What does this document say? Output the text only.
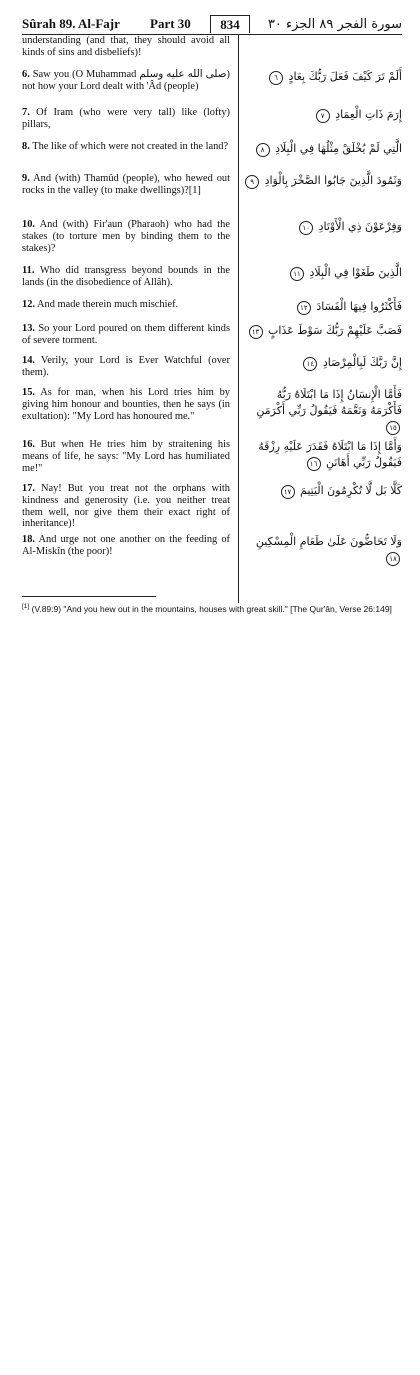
Sûrah 89. Al-Fajr	Part 30	834	سورة الفجر ٨٩ الجزء ٣٠
understanding (and that, they should avoid all kinds of sins and disbeliefs)!
6. Saw you (O Muhammad صلى الله عليه وسلم) not how your Lord dealt with 'Âd (people)
أَلَمْ تَرَ كَيْفَ فَعَلَ رَبُّكَ بِعَادٍ ٦
7. Of Iram (who were very tall) like (lofty) pillars,
إِرَمَ ذَاتِ الْعِمَادِ ٧
8. The like of which were not created in the land?	الَّتِي لَمْ يُخْلَقْ مِثْلُهَا فِي الْبِلَادِ ٨
9. And (with) Thamûd (people), who hewed out rocks in the valley (to make dwellings)?[1]
وَثَمُودَ الَّذِينَ جَابُوا الصَّخْرَ بِالْوَادِ ٩
10. And (with) Fir'aun (Pharaoh) who had the stakes (to torture men by binding them to the stakes)?
وَفِرْعَوْنَ ذِي الْأَوْتَادِ ١٠
11. Who did transgress beyond bounds in the lands (in the disobedience of Allâh).
الَّذِينَ طَغَوْا فِي الْبِلَادِ ١١
12. And made therein much mischief.	فَأَكْثَرُوا فِيهَا الْفَسَادَ ١٢
13. So your Lord poured on them different kinds of severe torment.
فَصَبَّ عَلَيْهِمْ رَبُّكَ سَوْطَ عَذَابٍ ١٣
14. Verily, your Lord is Ever Watchful (over them).
إِنَّ رَبَّكَ لَبِالْمِرْصَادِ ١٤
15. As for man, when his Lord tries him by giving him honour and bounties, then he says (in exultation): "My Lord has honoured me."
فَأَمَّا الْإِنسَانُ إِذَا مَا ابْتَلَاهُ رَبُّهُ فَأَكْرَمَهُ وَنَعَّمَهُ فَيَقُولُ رَبِّي أَكْرَمَنِ ١٥
16. But when He tries him by straitening his means of life, he says: "My Lord has humiliated me!"
وَأَمَّا إِذَا مَا ابْتَلَاهُ فَقَدَرَ عَلَيْهِ رِزْقَهُ فَيَقُولُ رَبِّي أَهَانَنِ ١٦
17. Nay! But you treat not the orphans with kindness and generosity (i.e. you neither treat them well, nor give them their exact right of inheritance)!
كَلَّا بَل لَّا تُكْرِمُونَ الْيَتِيمَ ١٧
18. And urge not one another on the feeding of Al-Miskîn (the poor)!
وَلَا تَحَاضُّونَ عَلَىٰ طَعَامِ الْمِسْكِينِ ١٨
[1] (V.89:9) "And you hew out in the mountains, houses with great skill." [The Qur'ân, Verse 26:149]
